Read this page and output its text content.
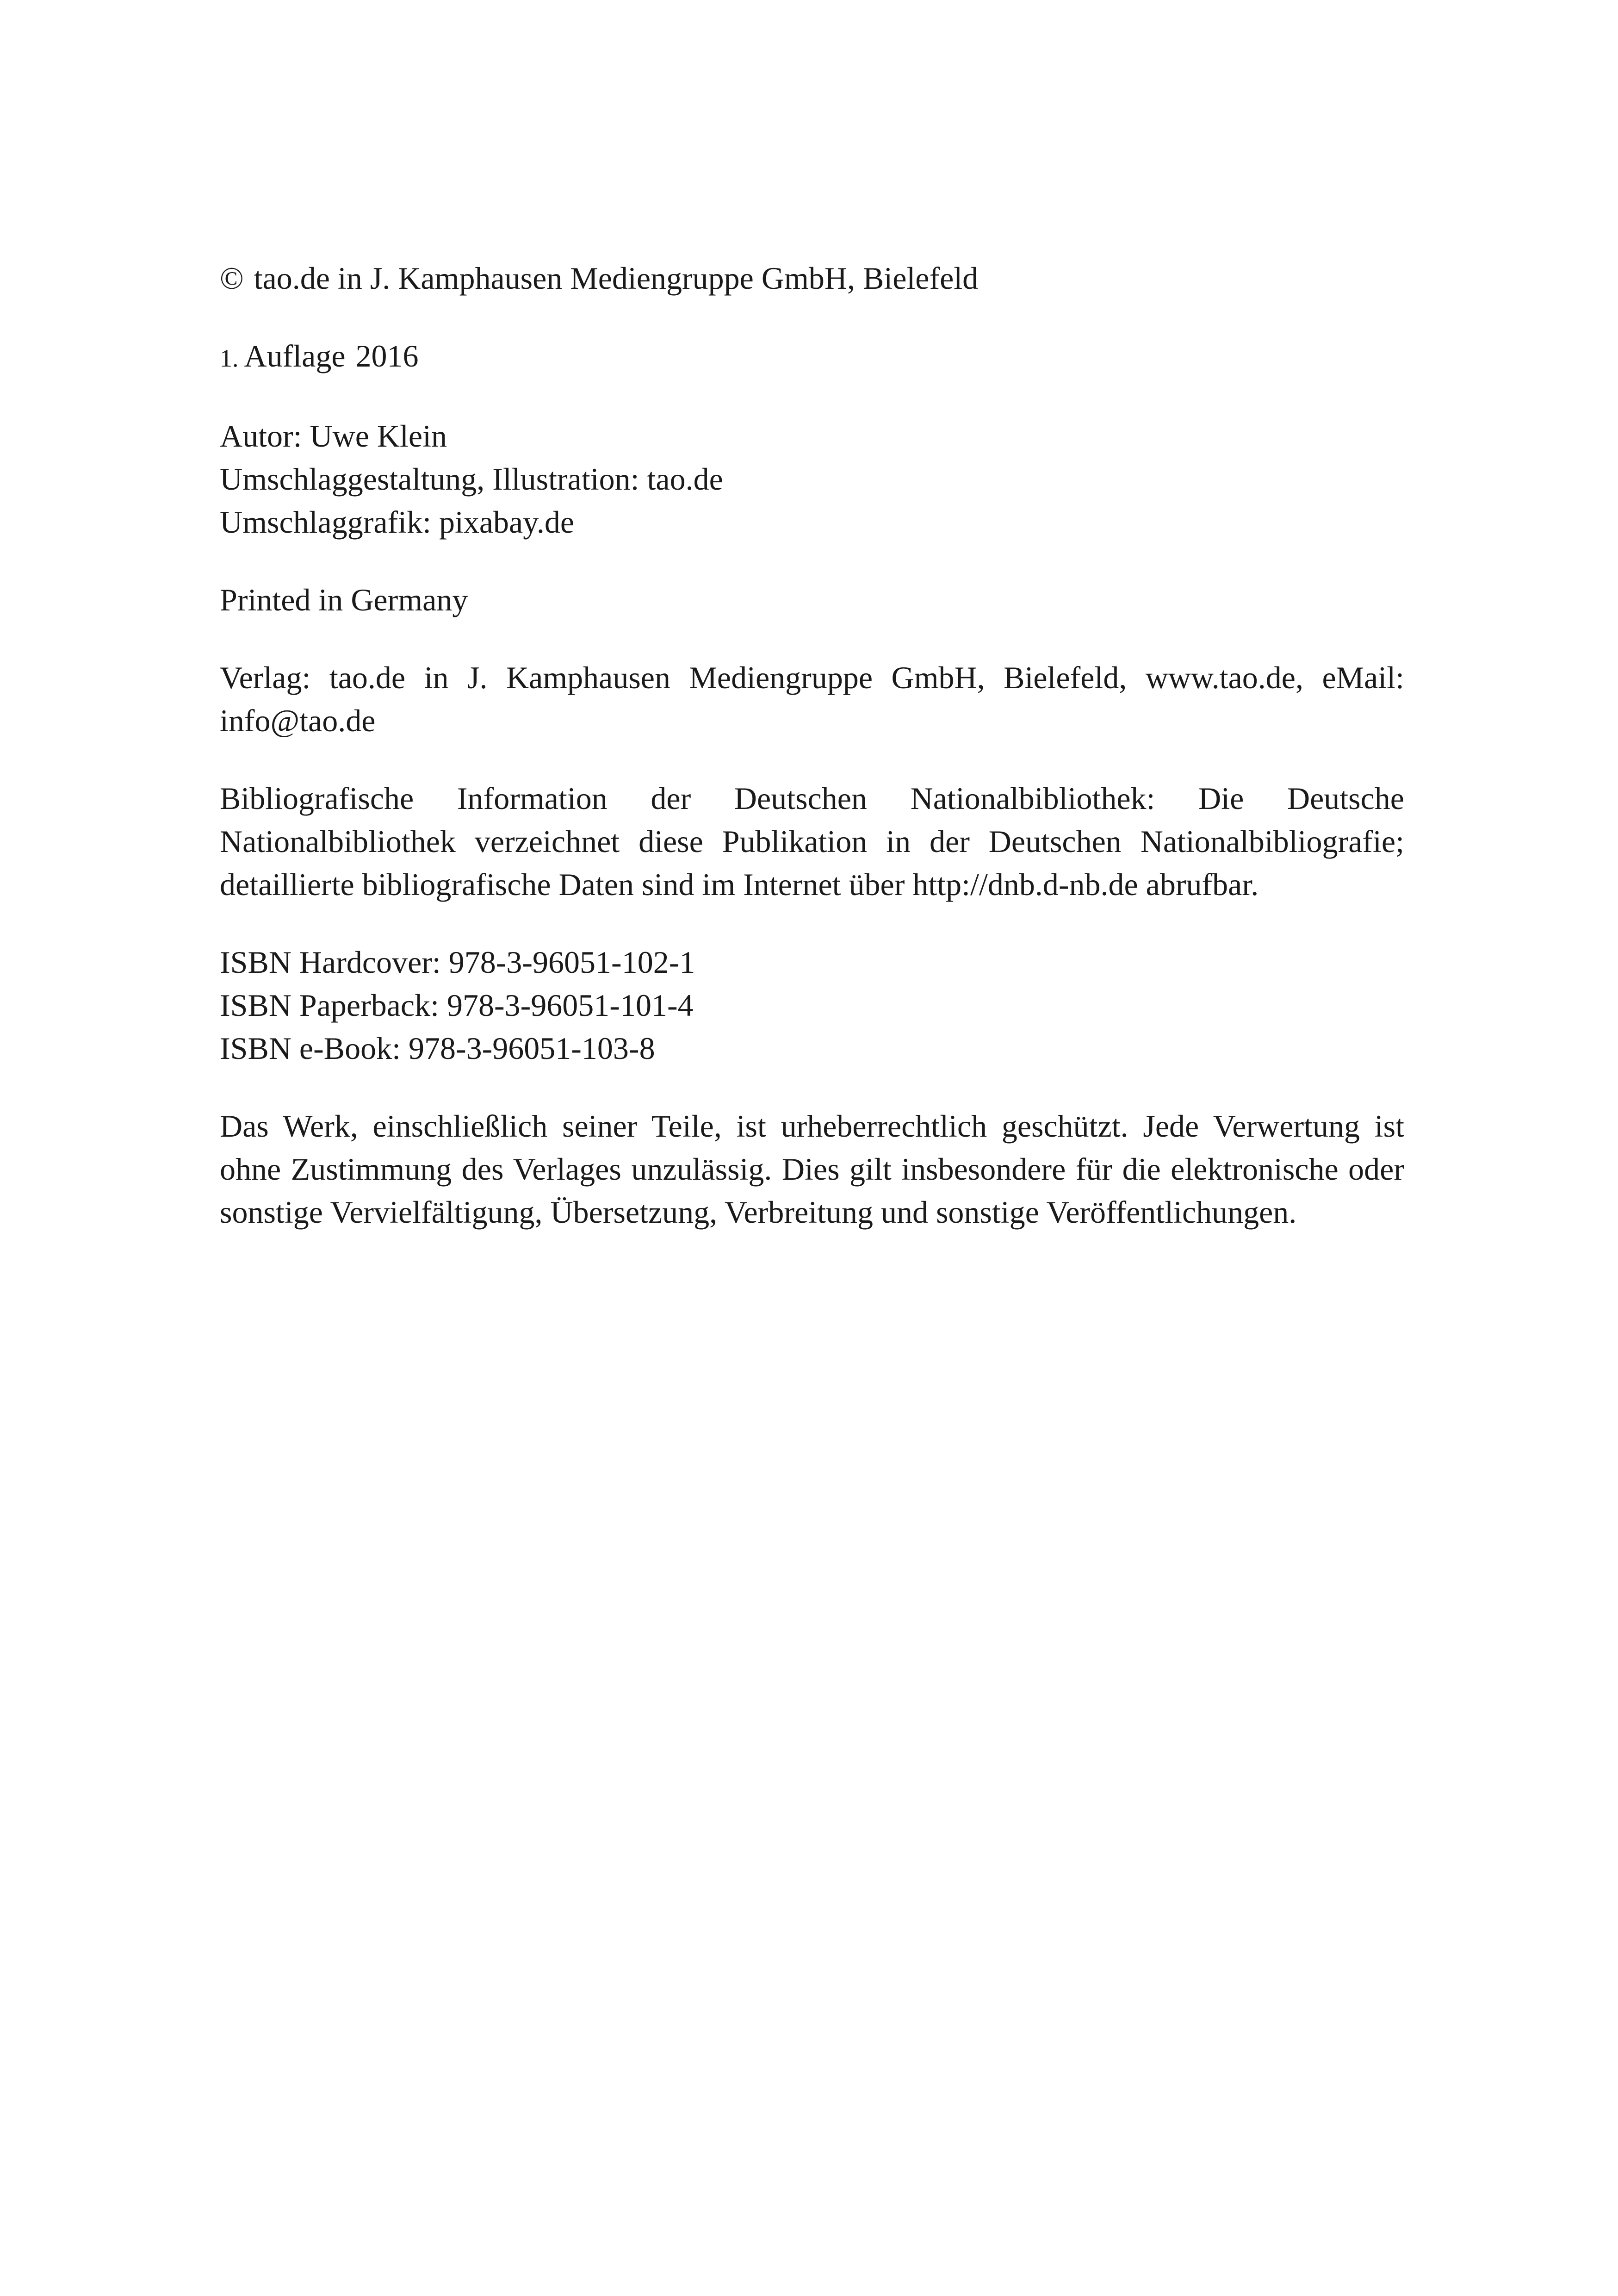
© tao.de in J. Kamphausen Mediengruppe GmbH, Bielefeld
1. Auflage 2016
Autor: Uwe Klein
Umschlaggestaltung, Illustration: tao.de
Umschlaggrafik: pixabay.de
Printed in Germany
Verlag: tao.de in J. Kamphausen Mediengruppe GmbH, Bielefeld, www.tao.de, eMail: info@tao.de
Bibliografische Information der Deutschen Nationalbibliothek: Die Deutsche Nationalbibliothek verzeichnet diese Publikation in der Deutschen Nationalbibliografie; detaillierte bibliografische Daten sind im Internet über http://dnb.d-nb.de abrufbar.
ISBN Hardcover: 978-3-96051-102-1
ISBN Paperback: 978-3-96051-101-4
ISBN e-Book: 978-3-96051-103-8
Das Werk, einschließlich seiner Teile, ist urheberrechtlich geschützt. Jede Verwertung ist ohne Zustimmung des Verlages unzulässig. Dies gilt insbesondere für die elektronische oder sonstige Vervielfältigung, Übersetzung, Verbreitung und sonstige Veröffentlichungen.
